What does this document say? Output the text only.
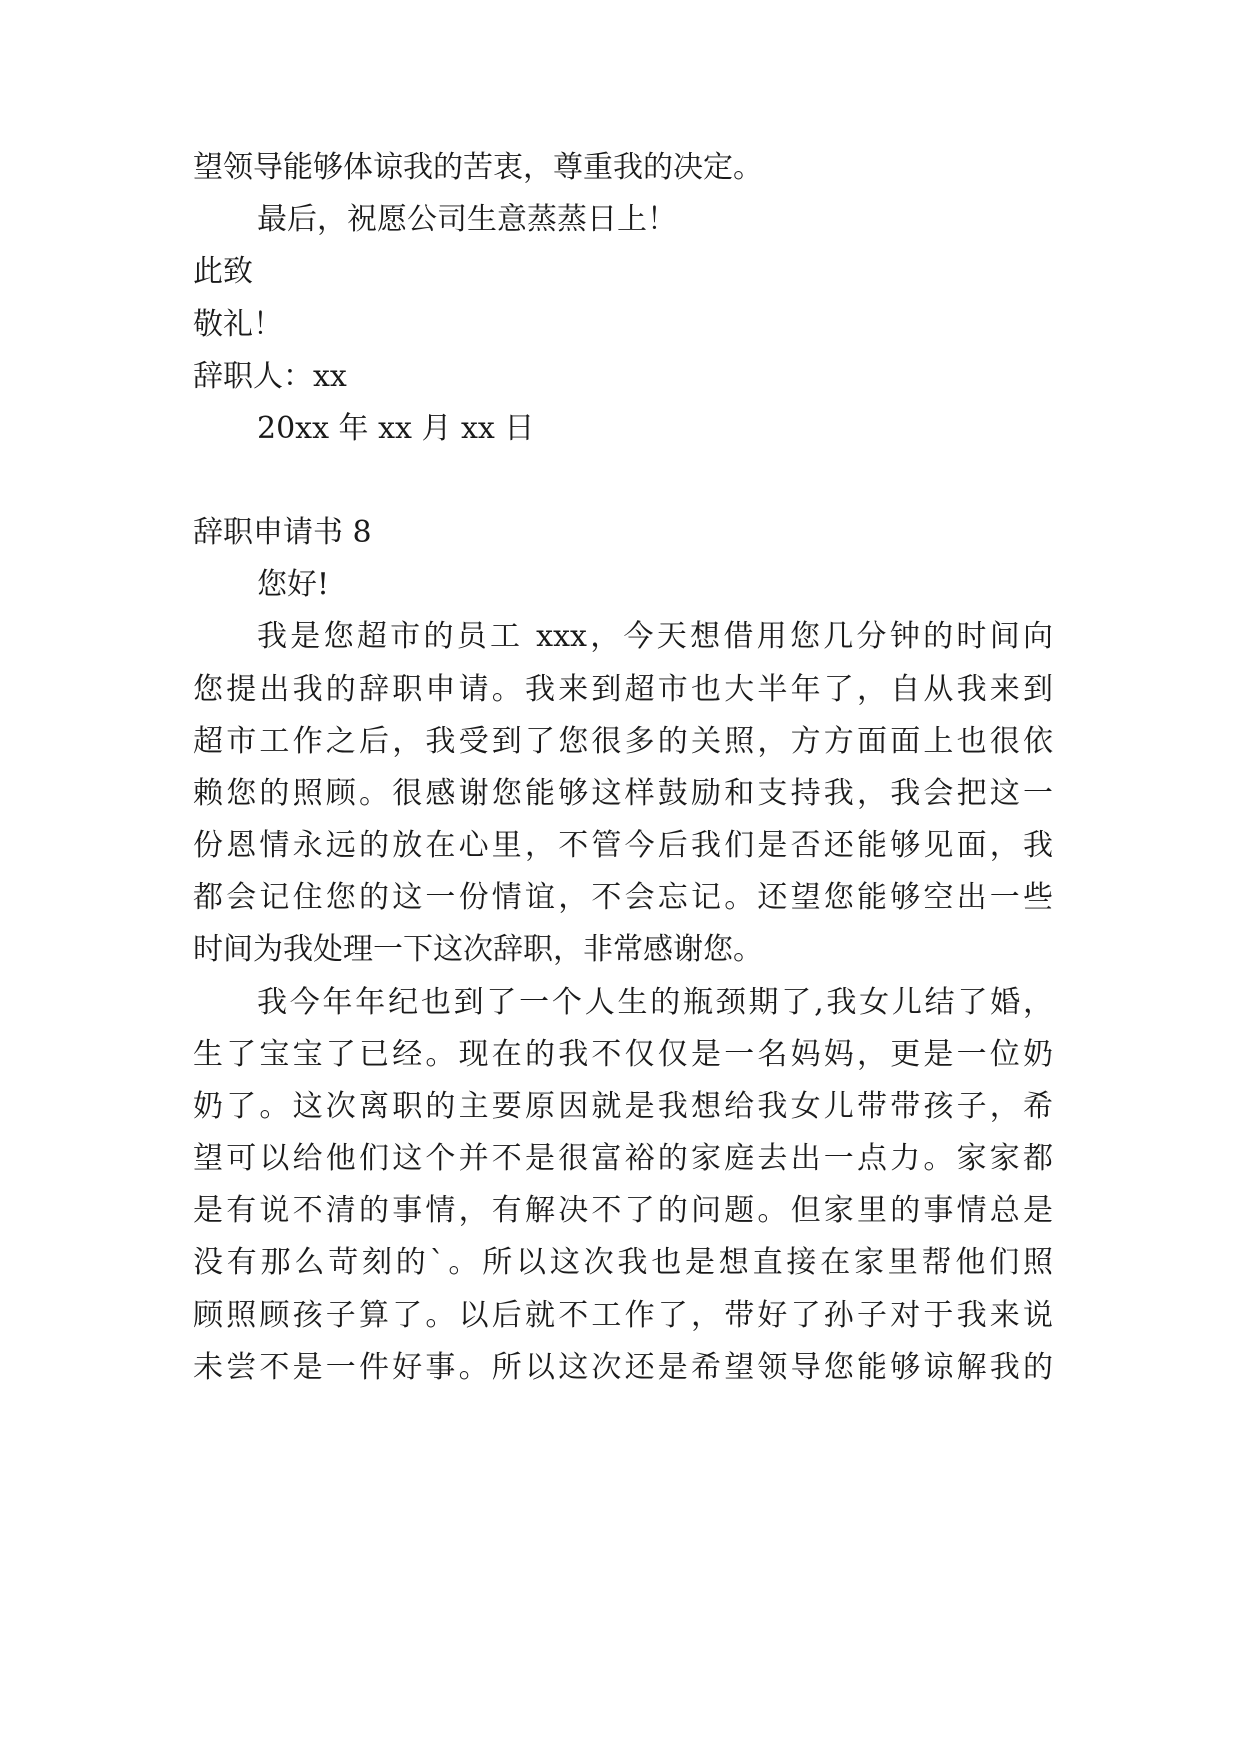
望领导能够体谅我的苦衷，尊重我的决定。
最后，祝愿公司生意蒸蒸日上！
此致
敬礼！
辞职人：xx
20xx 年 xx 月 xx 日
辞职申请书 8
您好!
我是您超市的员工 xxx，今天想借用您几分钟的时间向
您提出我的辞职申请。我来到超市也大半年了，自从我来到
超市工作之后，我受到了您很多的关照，方方面面上也很依
赖您的照顾。很感谢您能够这样鼓励和支持我，我会把这一
份恩情永远的放在心里，不管今后我们是否还能够见面，我
都会记住您的这一份情谊，不会忘记。还望您能够空出一些
时间为我处理一下这次辞职，非常感谢您。
我今年年纪也到了一个人生的瓶颈期了,我女儿结了婚，
生了宝宝了已经。现在的我不仅仅是一名妈妈，更是一位奶
奶了。这次离职的主要原因就是我想给我女儿带带孩子，希
望可以给他们这个并不是很富裕的家庭去出一点力。家家都
是有说不清的事情，有解决不了的问题。但家里的事情总是
没有那么苛刻的`。所以这次我也是想直接在家里帮他们照
顾照顾孩子算了。以后就不工作了，带好了孙子对于我来说
未尝不是一件好事。所以这次还是希望领导您能够谅解我的
